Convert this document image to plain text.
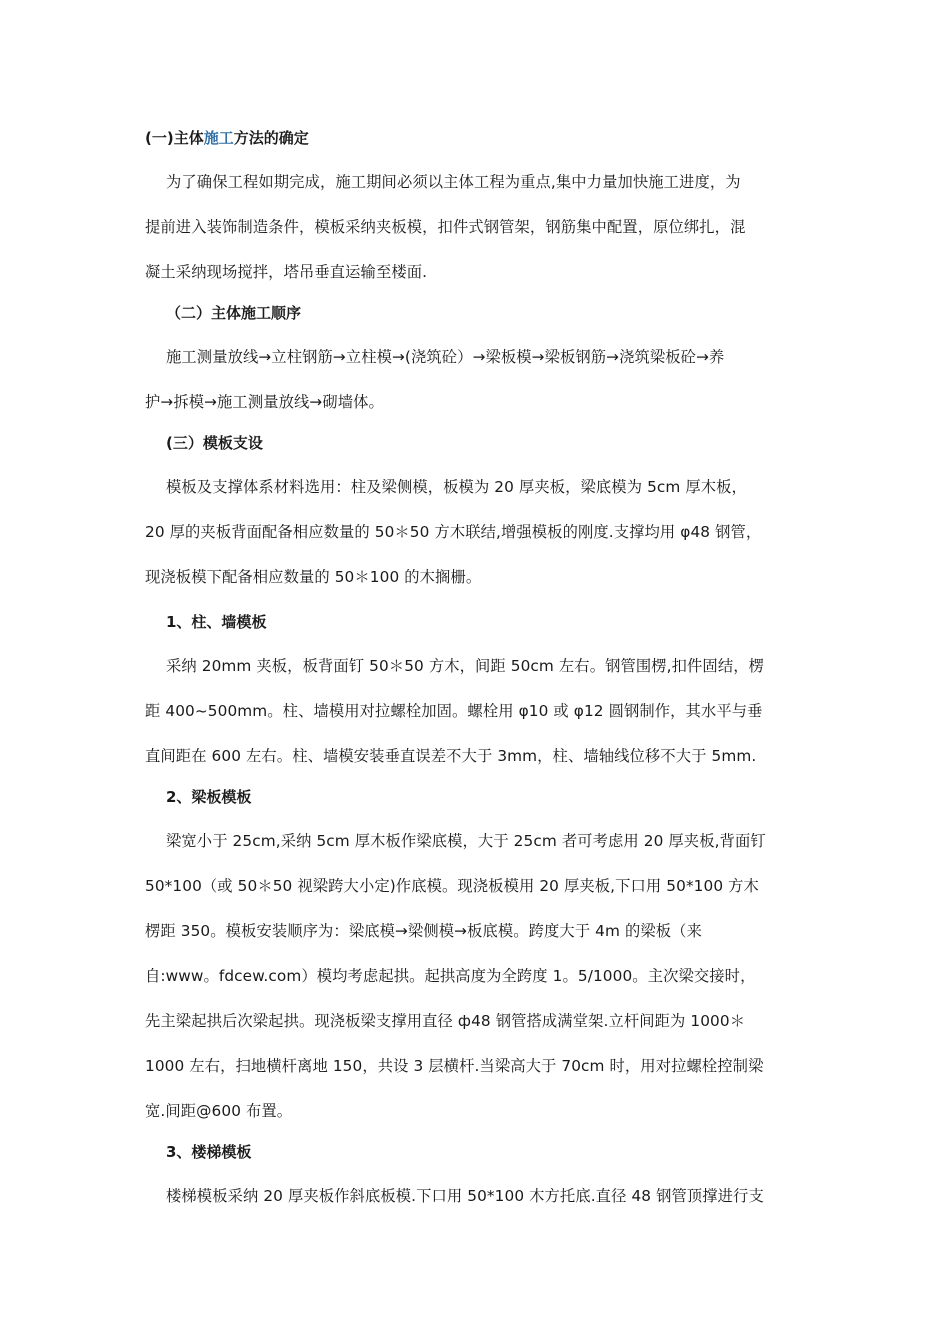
(一)主体施工方法的确定
为了确保工程如期完成，施工期间必须以主体工程为重点,集中力量加快施工进度，为
提前进入装饰制造条件，模板采纳夹板模，扣件式钢管架，钢筋集中配置，原位绑扎，混
凝土采纳现场搅拌，塔吊垂直运输至楼面.
（二）主体施工顺序
施工测量放线→立柱钢筋→立柱模→(浇筑砼）→梁板模→梁板钢筋→浇筑梁板砼→养
护→拆模→施工测量放线→砌墙体。
(三）模板支设
模板及支撑体系材料选用：柱及梁侧模，板模为 20 厚夹板，梁底模为 5cm 厚木板，
20 厚的夹板背面配备相应数量的 50＊50 方木联结,增强模板的刚度.支撑均用 φ48 钢管，
现浇板模下配备相应数量的 50＊100 的木搁栅。
1、柱、墙模板
采纳 20mm 夹板，板背面钉 50＊50 方木，间距 50cm 左右。钢管围楞,扣件固结，楞
距 400~500mm。柱、墙模用对拉螺栓加固。螺栓用 φ10 或 φ12 圆钢制作，其水平与垂
直间距在 600 左右。柱、墙模安装垂直误差不大于 3mm，柱、墙轴线位移不大于 5mm.
2、梁板模板
梁宽小于 25cm,采纳 5cm 厚木板作梁底模，大于 25cm 者可考虑用 20 厚夹板,背面钉
50*100（或 50＊50 视梁跨大小定)作底模。现浇板模用 20 厚夹板,下口用 50*100 方木
楞距 350。模板安装顺序为：梁底模→梁侧模→板底模。跨度大于 4m 的梁板（来
自:www。fdcew.com）模均考虑起拱。起拱高度为全跨度 1。5/1000。主次梁交接时，
先主梁起拱后次梁起拱。现浇板梁支撑用直径 ф48 钢管搭成满堂架.立杆间距为 1000＊
1000 左右，扫地横杆离地 150，共设 3 层横杆.当梁高大于 70cm 时，用对拉螺栓控制梁
宽.间距@600 布置。
3、楼梯模板
楼梯模板采纳 20 厚夹板作斜底板模.下口用 50*100 木方托底.直径 48 钢管顶撑进行支
